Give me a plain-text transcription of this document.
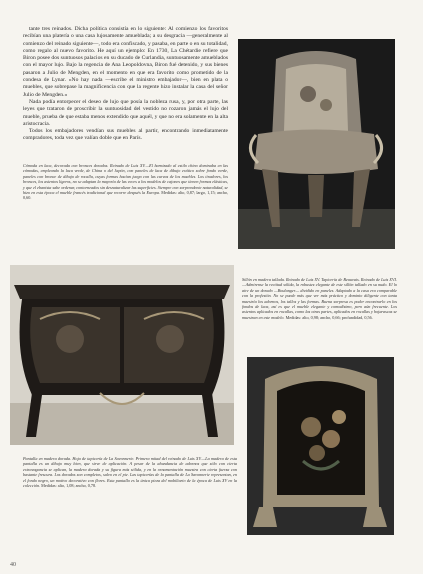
tante tres reinados. Dicha política consistía en lo siguiente: Al comienzo los favoritos recibían una platería o una casa lujosamente amueblada; a su desgracia —generalmente al comienzo del reinado siguiente—, todo era confiscado, y pasaba, en parte o en su totalidad, como regalo al nuevo favorito. He aquí un ejemplo: En 1730, La Chétardie refiere que Biron posee dos suntuosos palacios en su ducado de Curlandia, suntuosamente amueblados con el mayor lujo. Bajo la regencia de Ana Leopoldovna, Biron fué detenido, y sus bienes pasaron a Julio de Mengden, en el momento en que era favorito como prometido de la condesa de Lynar. «No hay nada —escribe el ministro embajador—, bien en plata o muebles, que sobrepase la magnificencia con que la regente hizo instalar la casa del señor Julio de Mengden.»

Nada podía entorpecer el deseo de lujo que posía la nobleza rusa, y, por otra parte, las leyes que trataron de proscribir la suntuosidad del vestido no rozaron jamás el lujo del mueble, prueba de que estaba menos extendido que aquél, y que no era solamente en la alta aristocracia.

Todos los embajadores vendían sus muebles al partir, encontrando inmediatamente compradores, toda vez que valían doble que en París.

Cómoda en laca, decorada con bronces dorados. Reinado de Luis XV.—El barnizado al estilo chino dominaba en las cómodas, empleando la laca verde, de China o del Japón, con paneles de laca de dibujo exótico sobre fondo verde, paneles con bronce de dibujo de rocalla, cuyas formas hacían juego con las curvas de los muebles. Los tiradores, los bronces, los asientos ligeros, no se adaptan la mayoría de las veces a los modelos de cajones que tienen formas elásticas, y que el ebanista sabe ordenar, contorneados sin desnaturalizar las superficies. Siempre con sorprendente naturalidad, se hizo en esta época el mueble francés tradicional que recorre después la Europa. Medidas: alto, 0,87; largo, 1,15; ancho, 0,60.
Sillón en madera tallada. Reinado de Luis XV. Tapicería de Beauvais. Reinado de Luis XVI.—Admirense la rectitud sólida, la robustez elegante de este sillón tallado en su nudo. El lo aire de un dorado —Boulanger— dividido en paneles. Adaptado a la casa era comparable con la profesión. No se puede más que ver más práctico y dominio diligente con tanta maestría los adornos, los tallos y las formas. Buena sorpresa es poder encontrarlo en los fondos de laca, así es que el mueble elegante y comodísimo, pero aún frecuente. Los asientos aplicados en rocallas, como las otras partes, aplicados en rocallas y hojarascas se muestran en este modelo. Medidas: alto, 0,98; ancho, 0,66; profundidad, 0,56.
Pantalla en madera dorada. Hoja de tapicería de La Savonnerie. Primera mitad del reinado de Luis XV.—La madera de esta pantalla es un dibujo muy bien, que sirve de aplicación. A pesar de la abundancia de adornos que sólo con cierta extravagancia se aplican, la madera dorada y su figura más sólida, y en la ornamentación muestra con cierta fuerza con bastante frescura. Los dorados son completos, salvo en el pie. Las tapicerías de la pantalla de La Savonnerie representan, en el fondo negro, un motivo decorativo con flores. Esta pantalla es la única pieza del mobiliario de la época de Luis XV en la colección. Medidas: alto, 1,08; ancho, 0,78.
40
